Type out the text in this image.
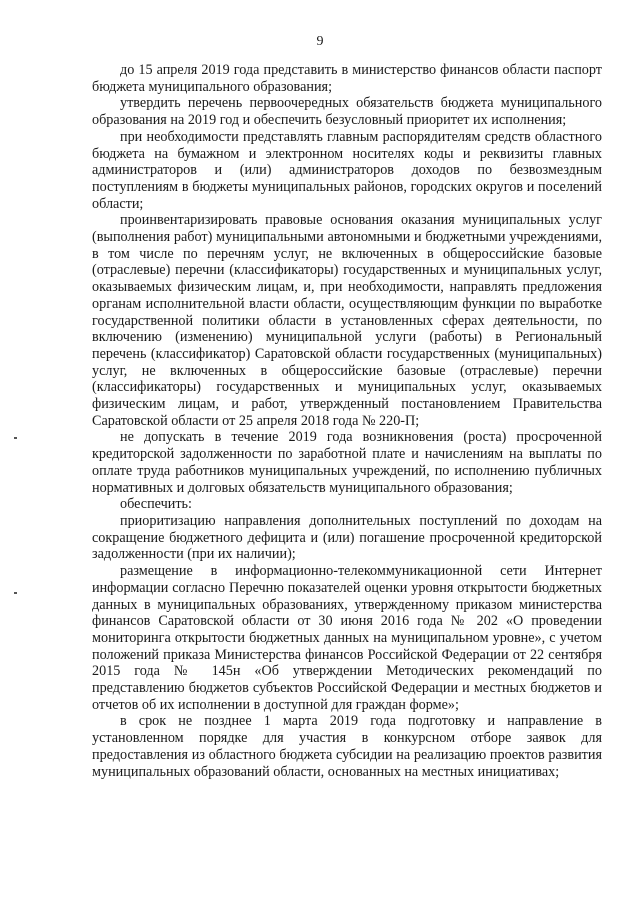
9

до 15 апреля 2019 года представить в министерство финансов области паспорт бюджета муниципального образования;

утвердить перечень первоочередных обязательств бюджета муниципального образования на 2019 год и обеспечить безусловный приоритет их исполнения;

при необходимости представлять главным распорядителям средств областного бюджета на бумажном и электронном носителях коды и реквизиты главных администраторов и (или) администраторов доходов по безвозмездным поступлениям в бюджеты муниципальных районов, городских округов и поселений области;

проинвентаризировать правовые основания оказания муниципальных услуг (выполнения работ) муниципальными автономными и бюджетными учреждениями, в том числе по перечням услуг, не включенных в общероссийские базовые (отраслевые) перечни (классификаторы) государственных и муниципальных услуг, оказываемых физическим лицам, и, при необходимости, направлять предложения органам исполнительной власти области, осуществляющим функции по выработке государственной политики области в установленных сферах деятельности, по включению (изменению) муниципальной услуги (работы) в Региональный перечень (классификатор) Саратовской области государственных (муниципальных) услуг, не включенных в общероссийские базовые (отраслевые) перечни (классификаторы) государственных и муниципальных услуг, оказываемых физическим лицам, и работ, утвержденный постановлением Правительства Саратовской области от 25 апреля 2018 года № 220-П;

не допускать в течение 2019 года возникновения (роста) просроченной кредиторской задолженности по заработной плате и начислениям на выплаты по оплате труда работников муниципальных учреждений, по исполнению публичных нормативных и долговых обязательств муниципального образования;

обеспечить:

приоритизацию направления дополнительных поступлений по доходам на сокращение бюджетного дефицита и (или) погашение просроченной кредиторской задолженности (при их наличии);

размещение в информационно-телекоммуникационной сети Интернет информации согласно Перечню показателей оценки уровня открытости бюджетных данных в муниципальных образованиях, утвержденному приказом министерства финансов Саратовской области от 30 июня 2016 года № 202 «О проведении мониторинга открытости бюджетных данных на муниципальном уровне», с учетом положений приказа Министерства финансов Российской Федерации от 22 сентября 2015 года № 145н «Об утверждении Методических рекомендаций по представлению бюджетов субъектов Российской Федерации и местных бюджетов и отчетов об их исполнении в доступной для граждан форме»;

в срок не позднее 1 марта 2019 года подготовку и направление в установленном порядке для участия в конкурсном отборе заявок для предоставления из областного бюджета субсидии на реализацию проектов развития муниципальных образований области, основанных на местных инициативах;
